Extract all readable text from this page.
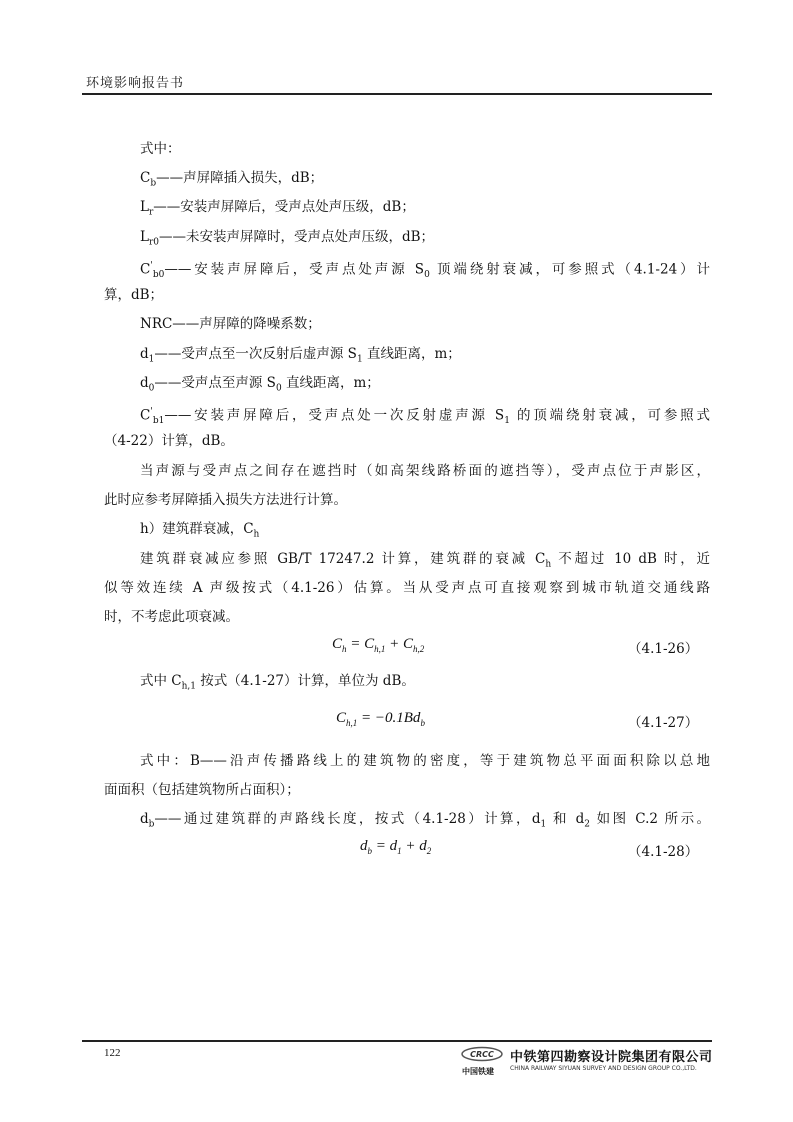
环境影响报告书
式中：
$C_b——$声屏障插入损失，dB；
$L_r——$安装声屏障后，受声点处声压级，dB；
$L_{r0}——$未安装声屏障时，受声点处声压级，dB；
$C'_{b0}——$安装声屏障后，受声点处声源 $S_0$ 顶端绕射衰减，可参照式（4.1-24）计
算，dB；
NRC——声屏障的降噪系数；
$d_1——$受声点至一次反射后虚声源 $S_1$ 直线距离，m；
$d_0——$受声点至声源 $S_0$ 直线距离，m；
$C'_{b1}——$安装声屏障后，受声点处一次反射虚声源 $S_1$ 的顶端绕射衰减，可参照式
（4-22）计算，dB。
当声源与受声点之间存在遮挡时（如高架线路桥面的遮挡等），受声点位于声影区，
此时应参考屏障插入损失方法进行计算。
h）建筑群衰减，$C_h$
建筑群衰减应参照 GB/T 17247.2 计算，建筑群的衰减 $C_h$ 不超过 10 dB 时，近
似等效连续 A 声级按式（4.1-26）估算。当从受声点可直接观察到城市轨道交通线路
时，不考虑此项衰减。
$C_h = C_{h,1} + C_{h,2}$	（4.1-26）
式中 $C_{h,1}$ 按式（4.1-27）计算，单位为 dB。
$C_{h,1} = -0.1Bd_b$	（4.1-27）
式中：B——沿声传播路线上的建筑物的密度，等于建筑物总平面面积除以总地
面面积（包括建筑物所占面积）；
$d_b——$通过建筑群的声路线长度，按式（4.1-28）计算，$d_1$ 和 $d_2$ 如图 C.2 所示。
$d_b = d_1 + d_2$	（4.1-28）
122	CRCC
中国铁建
中铁第四勘察设计院集团有限公司
CHINA RAILWAY SIYUAN SURVEY AND DESIGN GROUP CO.,LTD.
